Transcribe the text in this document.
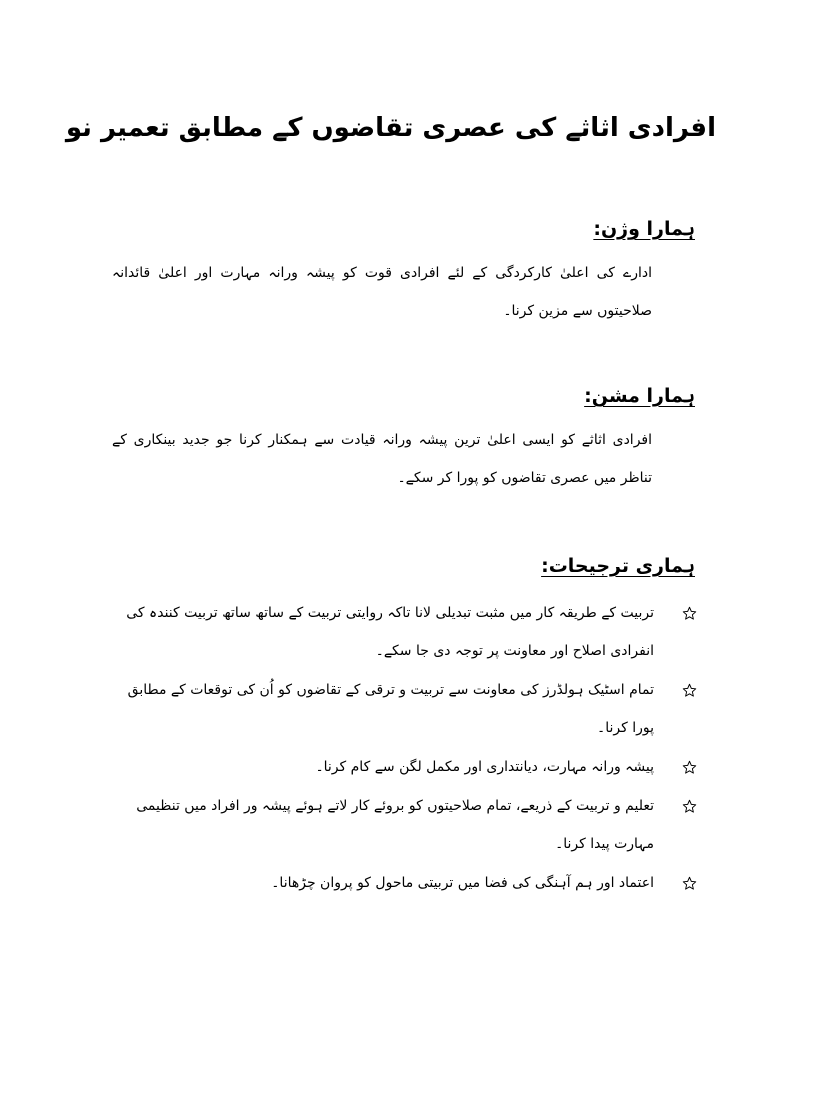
افرادی اثاثے کی عصری تقاضوں کے مطابق تعمیر نو
ہمارا وژن:

ادارے کی اعلیٰ کارکردگی کے لئے افرادی قوت کو پیشہ ورانہ مہارت اور اعلیٰ قائدانہ صلاحیتوں سے مزین کرنا۔

ہمارا مشن:

افرادی اثاثے کو ایسی اعلیٰ ترین پیشہ ورانہ قیادت سے ہمکنار کرنا جو جدید بینکاری کے تناظر میں عصری تقاضوں کو پورا کر سکے۔

ہماری ترجیحات:
تربیت کے طریقہ کار میں مثبت تبدیلی لانا تاکہ روایتی تربیت کے ساتھ ساتھ تربیت کنندہ کی انفرادی اصلاح اور معاونت پر توجہ دی جا سکے۔
تمام اسٹیک ہولڈرز کی معاونت سے تربیت و ترقی کے تقاضوں کو اُن کی توقعات کے مطابق پورا کرنا۔
پیشہ ورانہ مہارت، دیانتداری اور مکمل لگن سے کام کرنا۔
تعلیم و تربیت کے ذریعے، تمام صلاحیتوں کو بروئے کار لاتے ہوئے پیشہ ور افراد میں تنظیمی مہارت پیدا کرنا۔
اعتماد اور ہم آہنگی کی فضا میں تربیتی ماحول کو پروان چڑھانا۔
